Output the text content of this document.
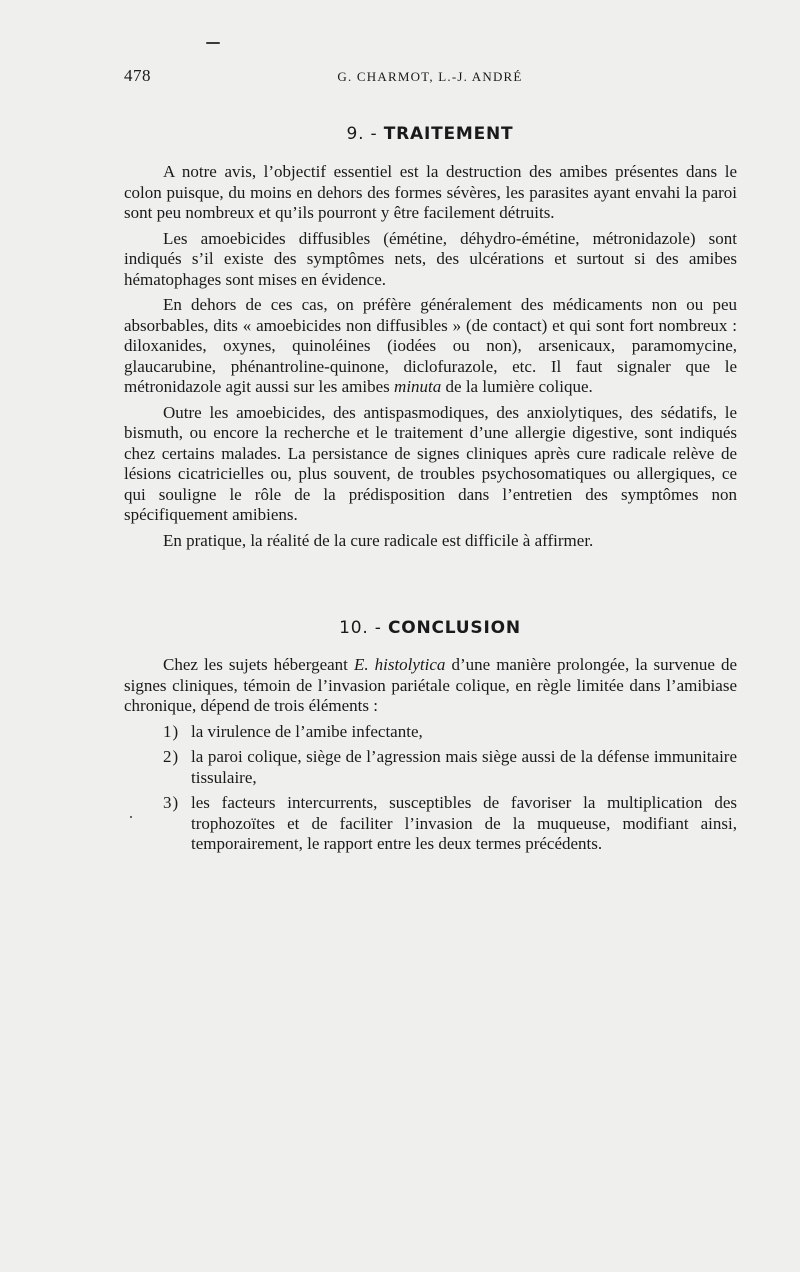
478	G. CHARMOT, L.-J. ANDRÉ
9. - TRAITEMENT

A notre avis, l’objectif essentiel est la destruction des amibes présentes dans le colon puisque, du moins en dehors des formes sévères, les parasites ayant envahi la paroi sont peu nombreux et qu’ils pourront y être facilement détruits.

Les amoebicides diffusibles (émétine, déhydro-émétine, métronidazole) sont indiqués s’il existe des symptômes nets, des ulcérations et surtout si des amibes hématophages sont mises en évidence.

En dehors de ces cas, on préfère généralement des médicaments non ou peu absorbables, dits « amoebicides non diffusibles » (de contact) et qui sont fort nombreux : diloxanides, oxynes, quinoléines (iodées ou non), arsenicaux, paramomycine, glaucarubine, phénantroline-quinone, diclofurazole, etc. Il faut signaler que le métronidazole agit aussi sur les amibes minuta de la lumière colique.

Outre les amoebicides, des antispasmodiques, des anxiolytiques, des sédatifs, le bismuth, ou encore la recherche et le traitement d’une allergie digestive, sont indiqués chez certains malades. La persistance de signes cliniques après cure radicale relève de lésions cicatricielles ou, plus souvent, de troubles psychosomatiques ou allergiques, ce qui souligne le rôle de la prédisposition dans l’entretien des symptômes non spécifiquement amibiens.

En pratique, la réalité de la cure radicale est difficile à affirmer.

10. - CONCLUSION

Chez les sujets hébergeant E. histolytica d’une manière prolongée, la survenue de signes cliniques, témoin de l’invasion pariétale colique, en règle limitée dans l’amibiase chronique, dépend de trois éléments :

1) la virulence de l’amibe infectante,
2) la paroi colique, siège de l’agression mais siège aussi de la défense immunitaire tissulaire,
3) les facteurs intercurrents, susceptibles de favoriser la multiplication des trophozoïtes et de faciliter l’invasion de la muqueuse, modifiant ainsi, temporairement, le rapport entre les deux termes précédents.
